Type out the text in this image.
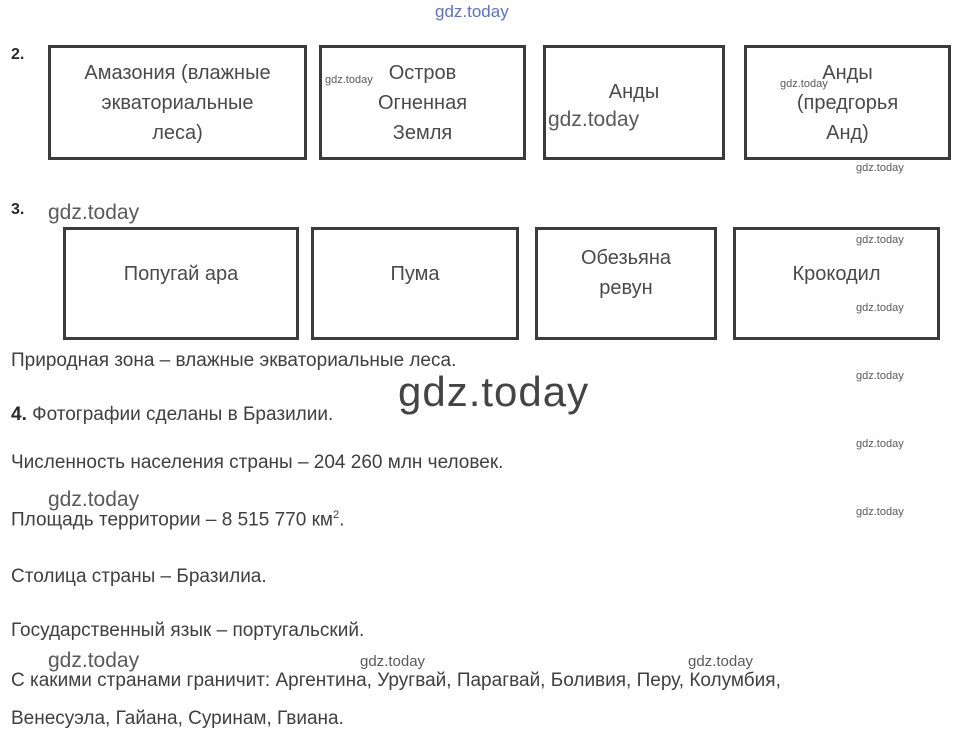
2.
Амазония (влажные
экваториальные
леса)
Остров
Огненная
Земля
Анды
Анды
(предгорья
Анд)
3.
Попугай ара	Пума
Обезьяна
ревун
Крокодил
Природная зона – влажные экваториальные леса.
4. Фотографии сделаны в Бразилии.
Численность населения страны – 204 260 млн человек.
Площадь территории – 8 515 770 $км^2$.
Столица страны – Бразилиа.
Государственный язык – португальский.
С какими странами граничит: Аргентина, Уругвай, Парагвай, Боливия, Перу, Колумбия,
Венесуэла, Гайана, Суринам, Гвиана.
gdz.today
gdz.today
gdz.today
gdz.today
gdz.today
gdz.today
gdz.today
gdz.today
gdz.today
gdz.today
gdz.today
gdz.today
gdz.today
gdz.today	gdz.today	gdz.today
